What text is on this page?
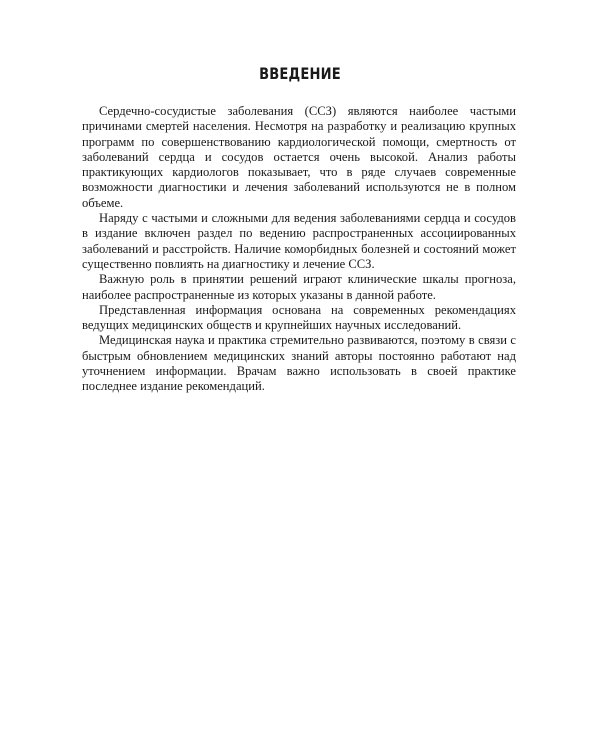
ВВЕДЕНИЕ

Сердечно-сосудистые заболевания (ССЗ) являются наиболее частыми причинами смертей населения. Несмотря на разработку и реализацию крупных программ по совершенствованию кардиологической помощи, смертность от заболеваний сердца и сосудов остается очень высокой. Анализ работы практикующих кардиологов показывает, что в ряде случаев современные возможности диагностики и лечения заболеваний используются не в полном объеме.

Наряду с частыми и сложными для ведения заболеваниями сердца и сосудов в издание включен раздел по ведению распространенных ассоциированных заболеваний и расстройств. Наличие коморбидных болезней и состояний может существенно повлиять на диагностику и лечение ССЗ.

Важную роль в принятии решений играют клинические шкалы прогноза, наиболее распространенные из которых указаны в данной работе.

Представленная информация основана на современных рекомендациях ведущих медицинских обществ и крупнейших научных исследований.

Медицинская наука и практика стремительно развиваются, поэтому в связи с быстрым обновлением медицинских знаний авторы постоянно работают над уточнением информации. Врачам важно использовать в своей практике последнее издание рекомендаций.
